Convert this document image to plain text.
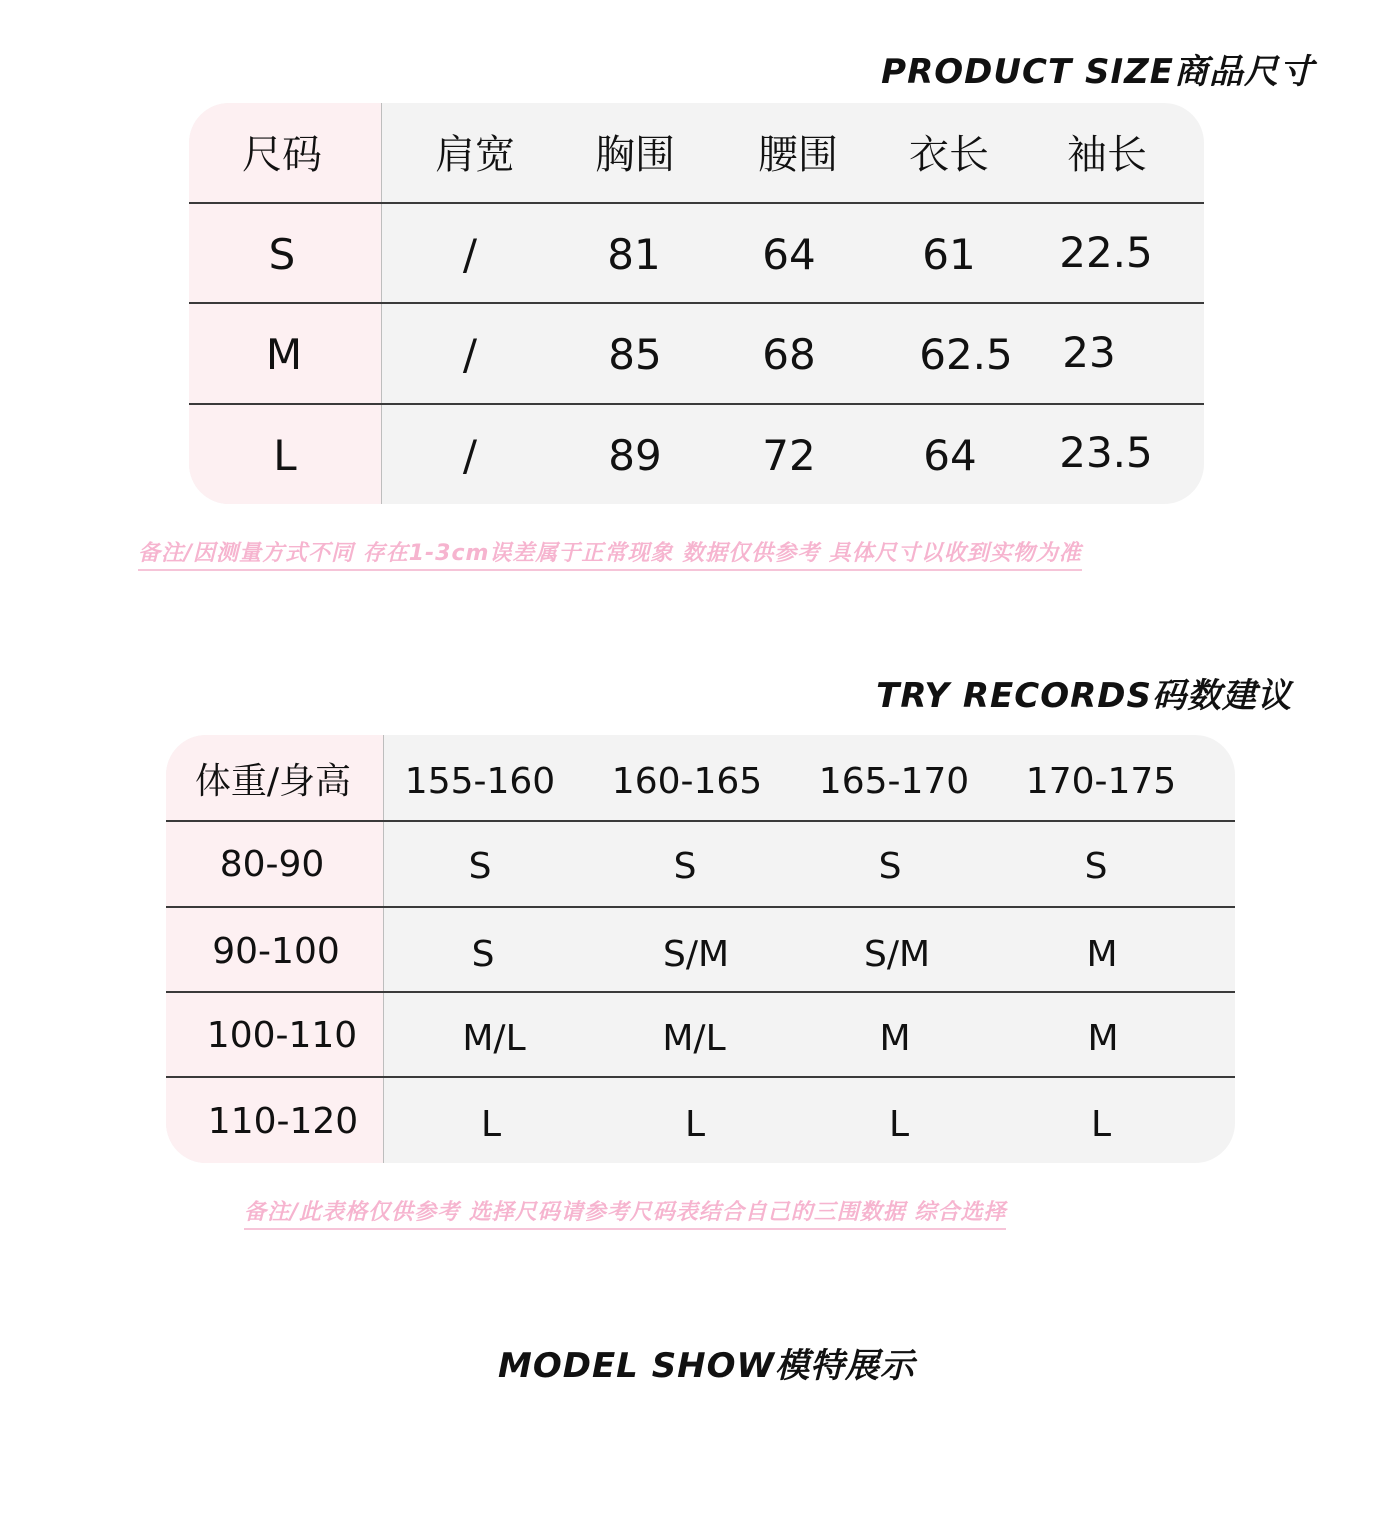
PRODUCT SIZE商品尺寸
尺码	肩宽 胸围 腰围 衣长 袖长
S	/	81 64	61 22.5
M	/	85 68 62.5 23
L	/	89 72	64 23.5
备注/因测量方式不同 存在1-3cm误差属于正常现象 数据仅供参考 具体尺寸以收到实物为准
TRY RECORDS码数建议
体重/身高 155-160 160-165 165-170 170-175
80-90	S	S	S	S
90-100	S	S/M	S/M	M
100-110	M/L	M/L	M	M
110-120	L	L	L	L
备注/此表格仅供参考 选择尺码请参考尺码表结合自己的三围数据 综合选择
MODEL SHOW模特展示
